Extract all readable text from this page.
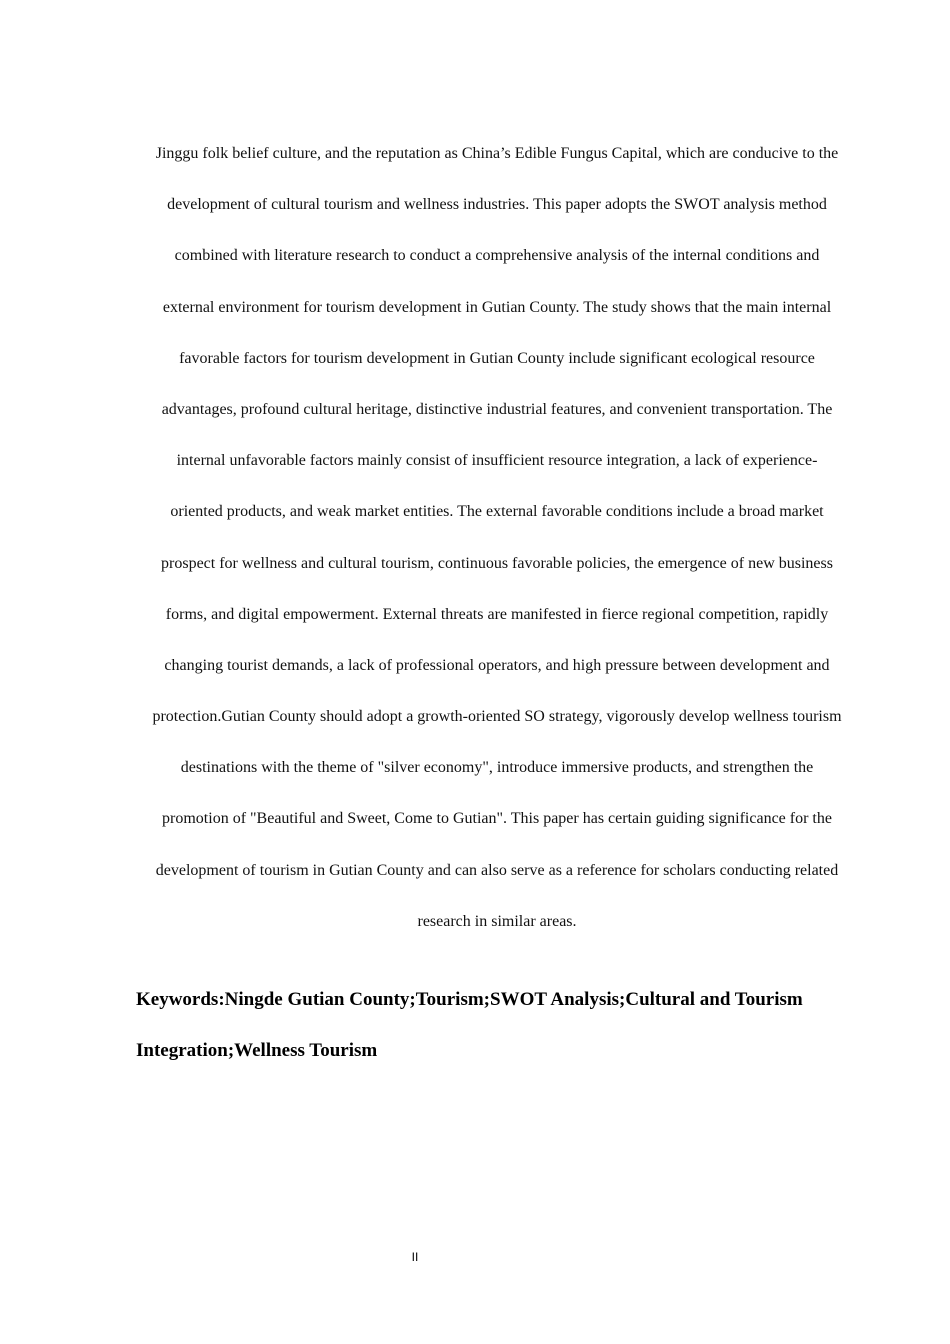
Jinggu folk belief culture, and the reputation as China’s Edible Fungus Capital, which are conducive to the
development of cultural tourism and wellness industries. This paper adopts the SWOT analysis method
combined with literature research to conduct a comprehensive analysis of the internal conditions and
external environment for tourism development in Gutian County. The study shows that the main internal
favorable factors for tourism development in Gutian County include significant ecological resource
advantages, profound cultural heritage, distinctive industrial features, and convenient transportation. The
internal unfavorable factors mainly consist of insufficient resource integration, a lack of experience-
oriented products, and weak market entities. The external favorable conditions include a broad market
prospect for wellness and cultural tourism, continuous favorable policies, the emergence of new business
forms, and digital empowerment. External threats are manifested in fierce regional competition, rapidly
changing tourist demands, a lack of professional operators, and high pressure between development and
protection.Gutian County should adopt a growth-oriented SO strategy, vigorously develop wellness tourism
destinations with the theme of "silver economy", introduce immersive products, and strengthen the
promotion of "Beautiful and Sweet, Come to Gutian". This paper has certain guiding significance for the
development of tourism in Gutian County and can also serve as a reference for scholars conducting related
research in similar areas.
Keywords:Ningde Gutian County;Tourism;SWOT Analysis;Cultural and Tourism
Integration;Wellness Tourism
II
